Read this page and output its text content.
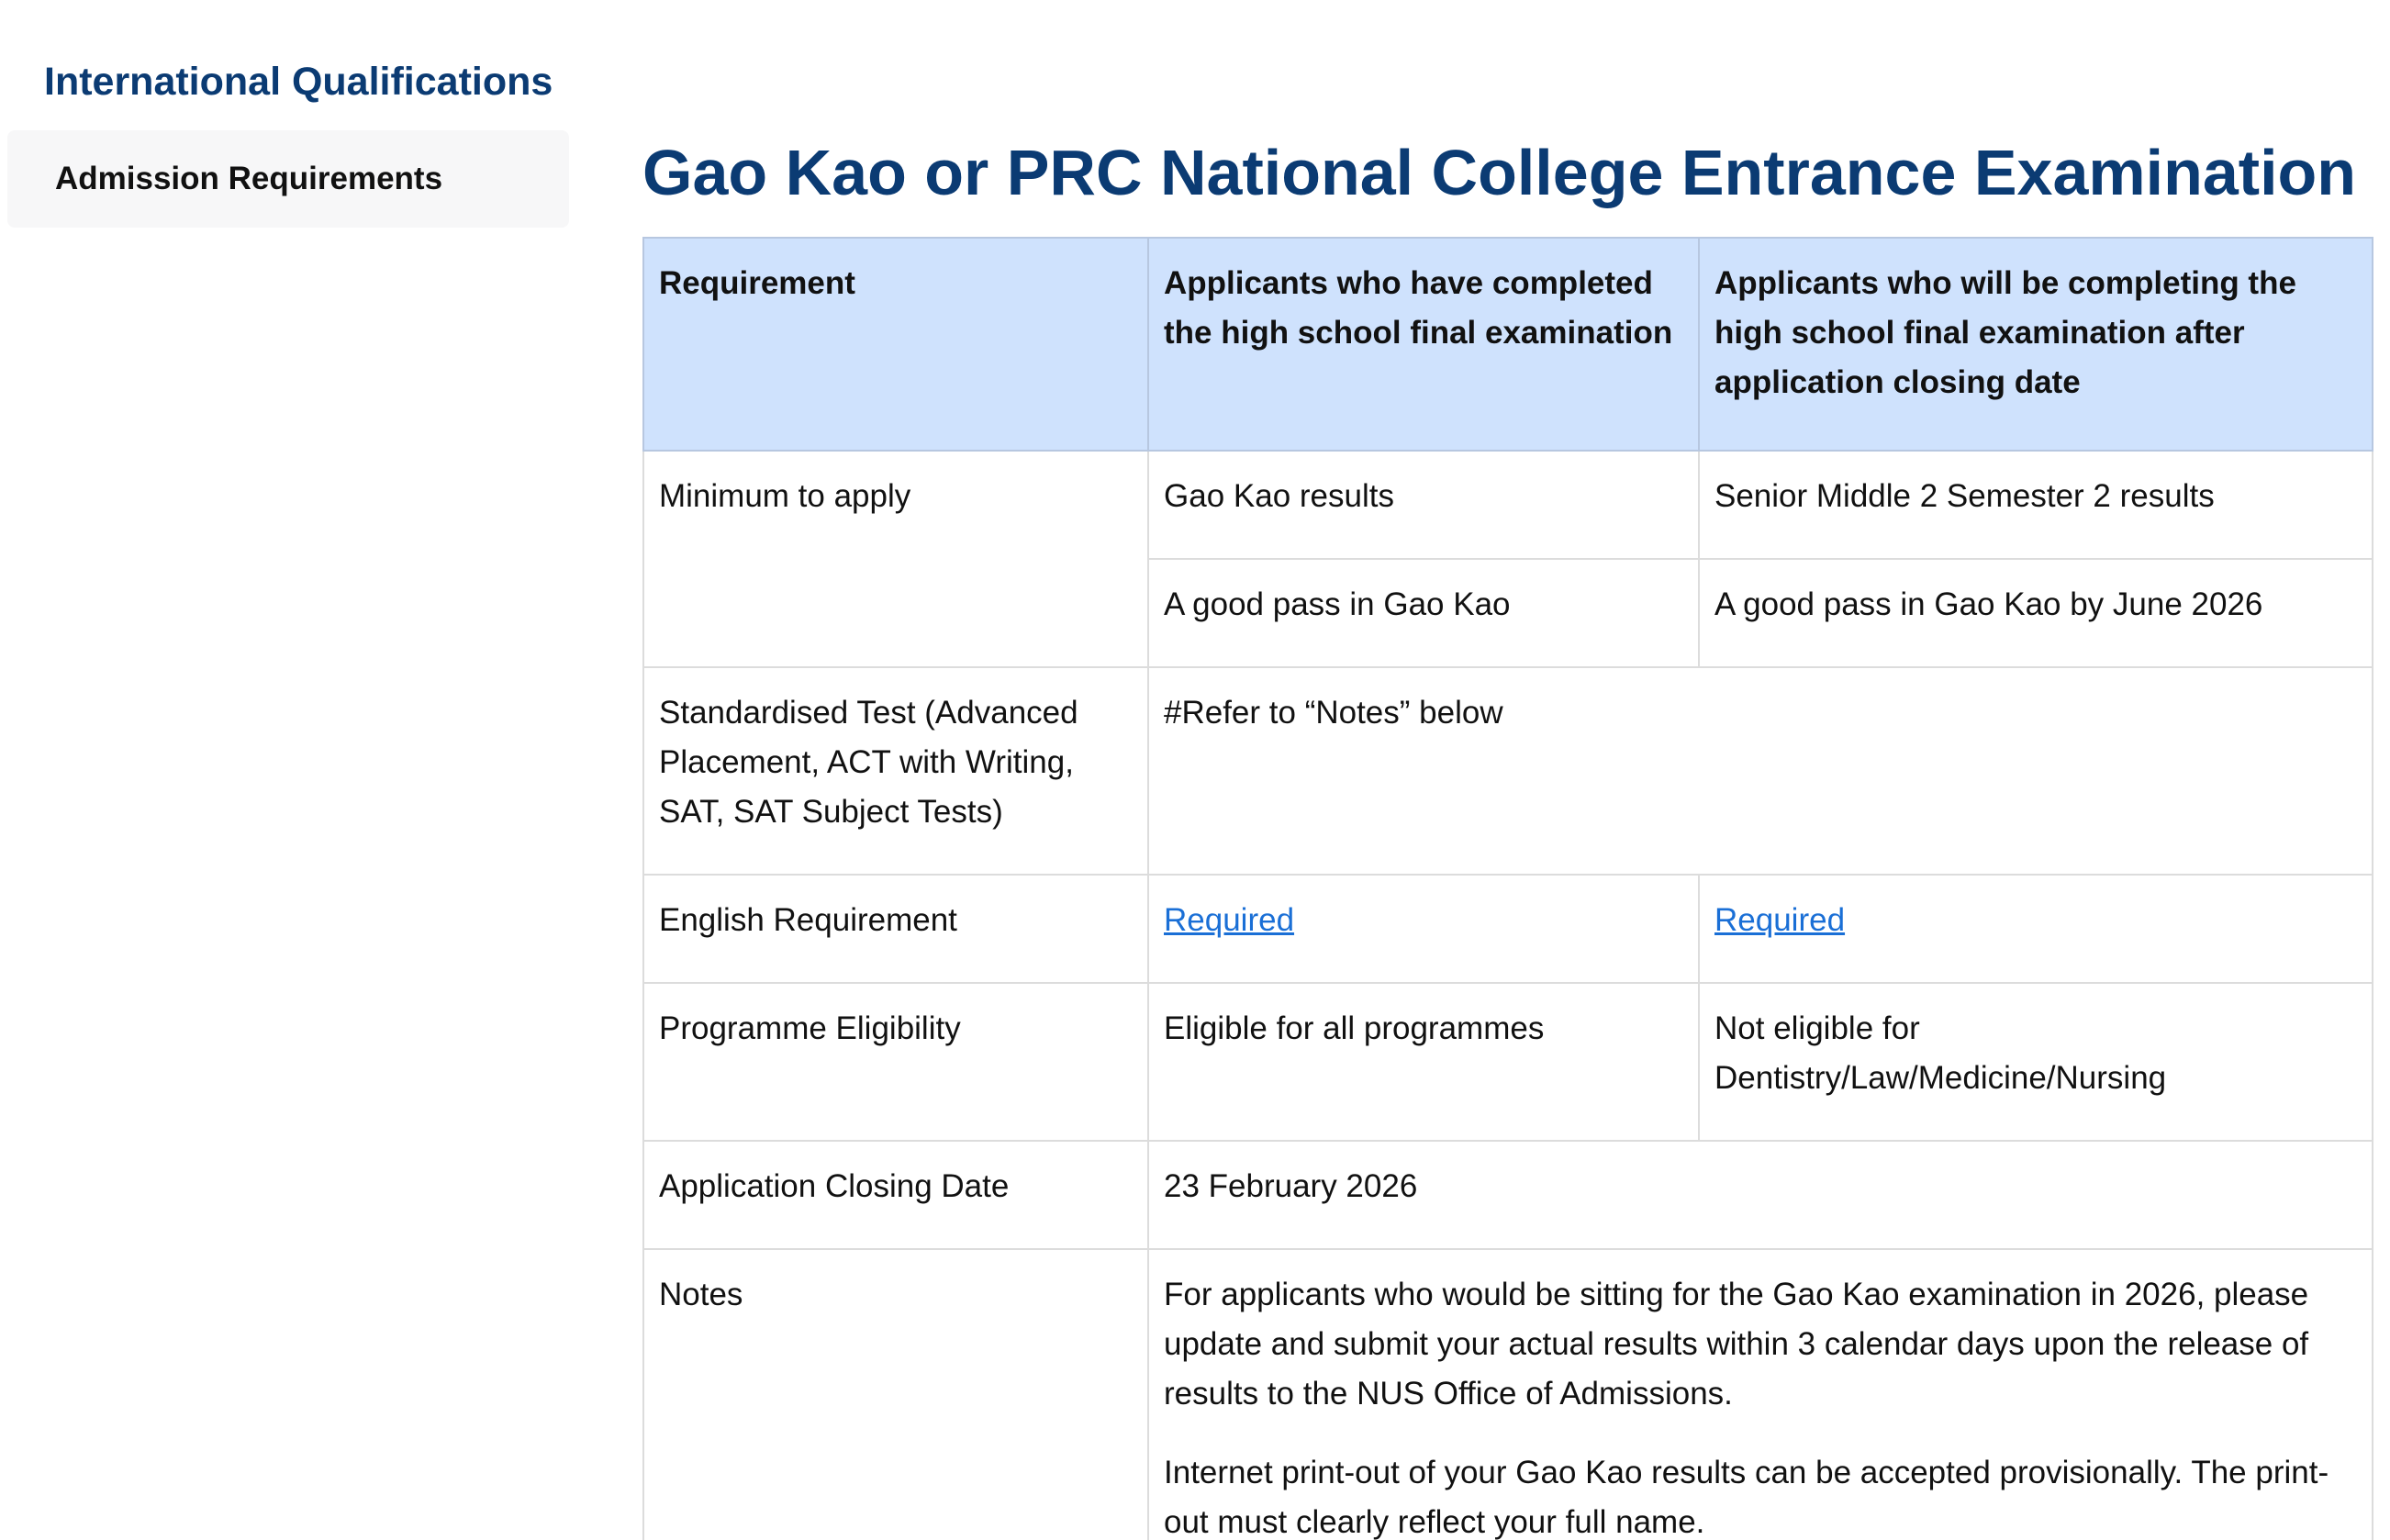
International Qualifications
Admission Requirements	Gao Kao or PRC National College Entrance Examination
Requirement	Applicants who have completed the high school final examination	Applicants who will be completing the high school final examination after application closing date
Minimum to apply	Gao Kao results	Senior Middle 2 Semester 2 results
	A good pass in Gao Kao	A good pass in Gao Kao by June 2026
Standardised Test (Advanced Placement, ACT with Writing, SAT, SAT Subject Tests)	#Refer to “Notes” below	
English Requirement	Required	Required
Programme Eligibility	Eligible for all programmes	Not eligible for Dentistry/Law/Medicine/Nursing
Application Closing Date	23 February 2026	
Notes	For applicants who would be sitting for the Gao Kao examination in 2026, please update and submit your actual results within 3 calendar days upon the release of results to the NUS Office of Admissions.

Internet print-out of your Gao Kao results can be accepted provisionally. The print-out must clearly reflect your full name.	
